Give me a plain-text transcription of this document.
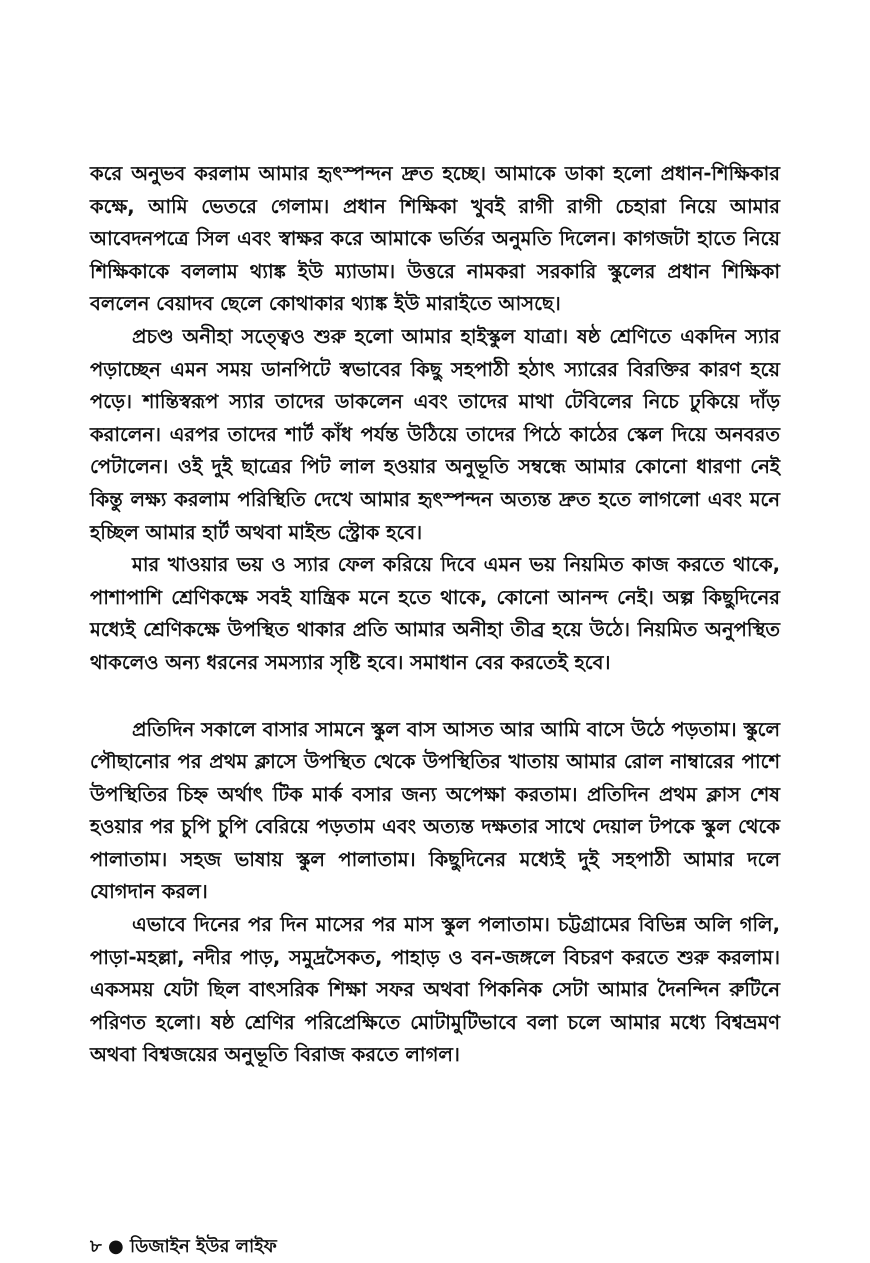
করে অনুভব করলাম আমার হৃৎস্পন্দন দ্রুত হচ্ছে। আমাকে ডাকা হলো প্রধান-শিক্ষিকার কক্ষে, আমি ভেতরে গেলাম। প্রধান শিক্ষিকা খুবই রাগী রাগী চেহারা নিয়ে আমার আবেদনপত্রে সিল এবং স্বাক্ষর করে আমাকে ভর্তির অনুমতি দিলেন। কাগজটা হাতে নিয়ে শিক্ষিকাকে বললাম থ্যাঙ্ক ইউ ম্যাডাম। উত্তরে নামকরা সরকারি স্কুলের প্রধান শিক্ষিকা বললেন বেয়াদব ছেলে কোথাকার থ্যাঙ্ক ইউ মারাইতে আসছে।

প্রচণ্ড অনীহা সত্ত্বেও শুরু হলো আমার হাইস্কুল যাত্রা। ষষ্ঠ শ্রেণিতে একদিন স্যার পড়াচ্ছেন এমন সময় ডানপিটে স্বভাবের কিছু সহপাঠী হঠাৎ স্যারের বিরক্তির কারণ হয়ে পড়ে। শান্তিস্বরূপ স্যার তাদের ডাকলেন এবং তাদের মাথা টেবিলের নিচে ঢুকিয়ে দাঁড় করালেন। এরপর তাদের শার্ট কাঁধ পর্যন্ত উঠিয়ে তাদের পিঠে কাঠের স্কেল দিয়ে অনবরত পেটালেন। ওই দুই ছাত্রের পিট লাল হওয়ার অনুভূতি সম্বন্ধে আমার কোনো ধারণা নেই কিন্তু লক্ষ্য করলাম পরিস্থিতি দেখে আমার হৃৎস্পন্দন অত্যন্ত দ্রুত হতে লাগলো এবং মনে হচ্ছিল আমার হার্ট অথবা মাইন্ড স্ট্রোক হবে।

মার খাওয়ার ভয় ও স্যার ফেল করিয়ে দিবে এমন ভয় নিয়মিত কাজ করতে থাকে, পাশাপাশি শ্রেণিকক্ষে সবই যান্ত্রিক মনে হতে থাকে, কোনো আনন্দ নেই। অল্প কিছুদিনের মধ্যেই শ্রেণিকক্ষে উপস্থিত থাকার প্রতি আমার অনীহা তীব্র হয়ে উঠে। নিয়মিত অনুপস্থিত থাকলেও অন্য ধরনের সমস্যার সৃষ্টি হবে। সমাধান বের করতেই হবে।

প্রতিদিন সকালে বাসার সামনে স্কুল বাস আসত আর আমি বাসে উঠে পড়তাম। স্কুলে পৌছানোর পর প্রথম ক্লাসে উপস্থিত থেকে উপস্থিতির খাতায় আমার রোল নাম্বারের পাশে উপস্থিতির চিহ্ন অর্থাৎ টিক মার্ক বসার জন্য অপেক্ষা করতাম। প্রতিদিন প্রথম ক্লাস শেষ হওয়ার পর চুপি চুপি বেরিয়ে পড়তাম এবং অত্যন্ত দক্ষতার সাথে দেয়াল টপকে স্কুল থেকে পালাতাম। সহজ ভাষায় স্কুল পালাতাম। কিছুদিনের মধ্যেই দুই সহপাঠী আমার দলে যোগদান করল।

এভাবে দিনের পর দিন মাসের পর মাস স্কুল পলাতাম। চট্টগ্রামের বিভিন্ন অলি গলি, পাড়া-মহল্লা, নদীর পাড়, সমুদ্রসৈকত, পাহাড় ও বন-জঙ্গলে বিচরণ করতে শুরু করলাম। একসময় যেটা ছিল বাৎসরিক শিক্ষা সফর অথবা পিকনিক সেটা আমার দৈনন্দিন রুটিনে পরিণত হলো। ষষ্ঠ শ্রেণির পরিপ্রেক্ষিতে মোটামুটিভাবে বলা চলে আমার মধ্যে বিশ্বভ্রমণ অথবা বিশ্বজয়ের অনুভূতি বিরাজ করতে লাগল।

৮ ● ডিজাইন ইউর লাইফ
